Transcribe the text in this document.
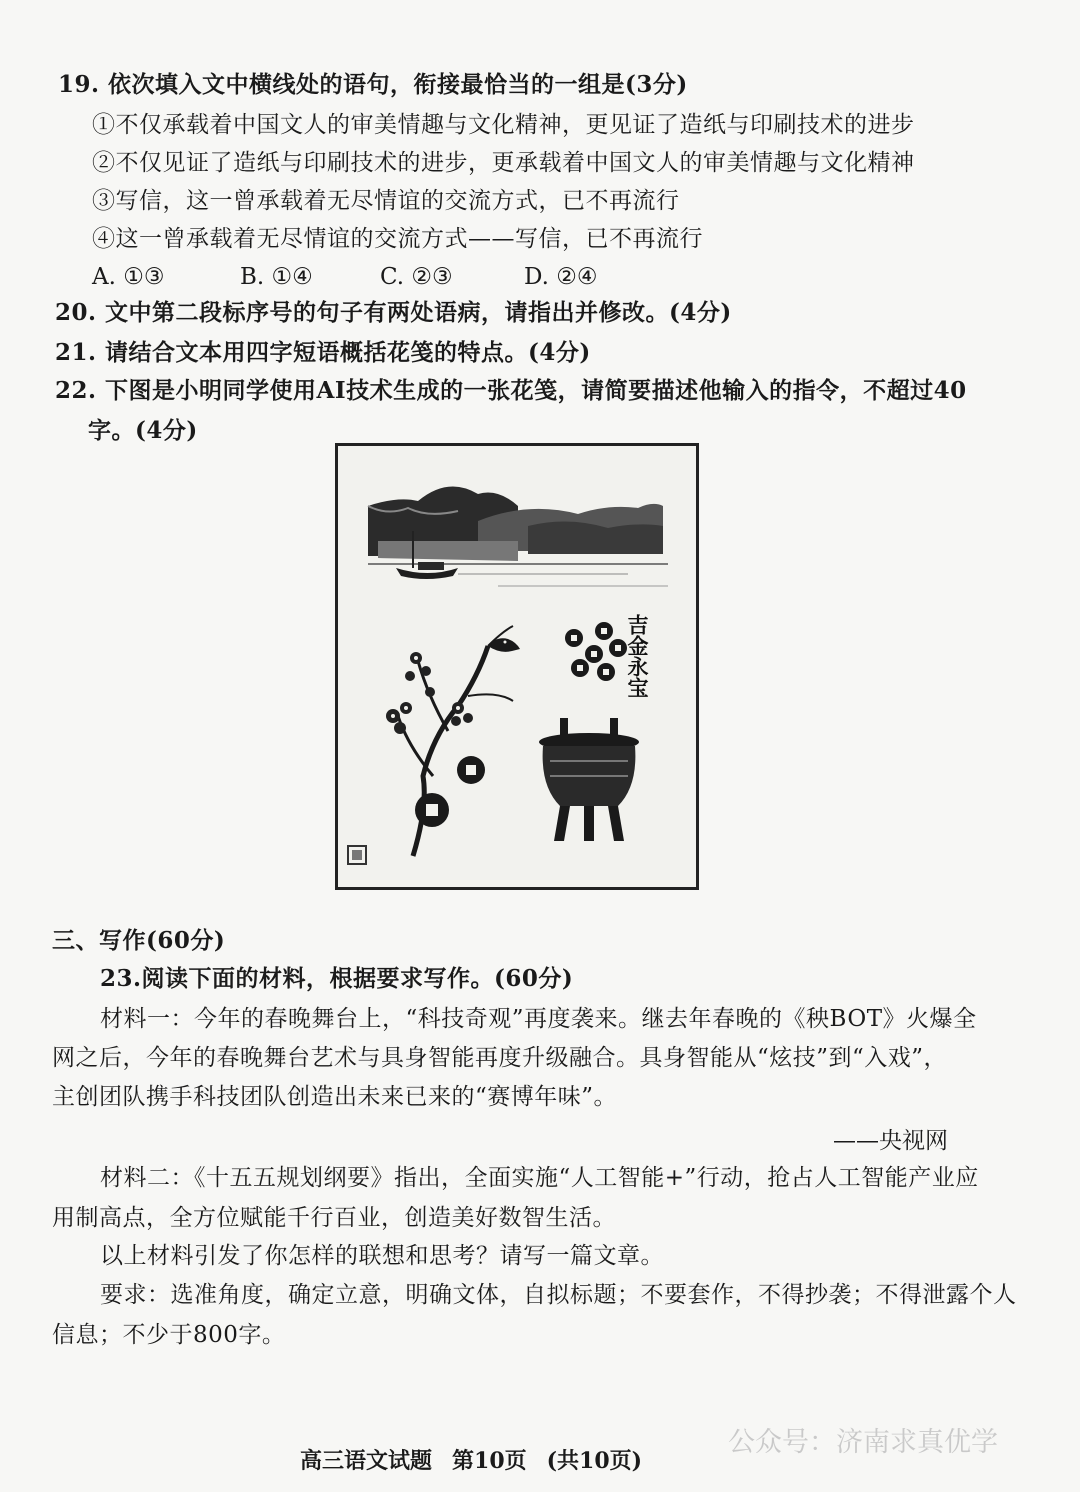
19. 依次填入文中横线处的语句，衔接最恰当的一组是(3分)
①不仅承载着中国文人的审美情趣与文化精神，更见证了造纸与印刷技术的进步
②不仅见证了造纸与印刷技术的进步，更承载着中国文人的审美情趣与文化精神
③写信，这一曾承载着无尽情谊的交流方式，已不再流行
④这一曾承载着无尽情谊的交流方式——写信，已不再流行
A. ①③	B. ①④	C. ②③	D. ②④
20. 文中第二段标序号的句子有两处语病，请指出并修改。(4分)
21. 请结合文本用四字短语概括花笺的特点。(4分)
22. 下图是小明同学使用AI技术生成的一张花笺，请简要描述他输入的指令，不超过40
字。(4分)
吉金永宝
三、写作(60分)
23.阅读下面的材料，根据要求写作。(60分)
材料一：今年的春晚舞台上，“科技奇观”再度袭来。继去年春晚的《秧BOT》火爆全
网之后，今年的春晚舞台艺术与具身智能再度升级融合。具身智能从“炫技”到“入戏”，
主创团队携手科技团队创造出未来已来的“赛博年味”。
——央视网
材料二：《十五五规划纲要》指出，全面实施“人工智能+”行动，抢占人工智能产业应
用制高点，全方位赋能千行百业，创造美好数智生活。
以上材料引发了你怎样的联想和思考？请写一篇文章。
要求：选准角度，确定立意，明确文体，自拟标题；不要套作，不得抄袭；不得泄露个人
信息；不少于800字。
公众号：济南求真优学
高三语文试题 第10页 (共10页)
